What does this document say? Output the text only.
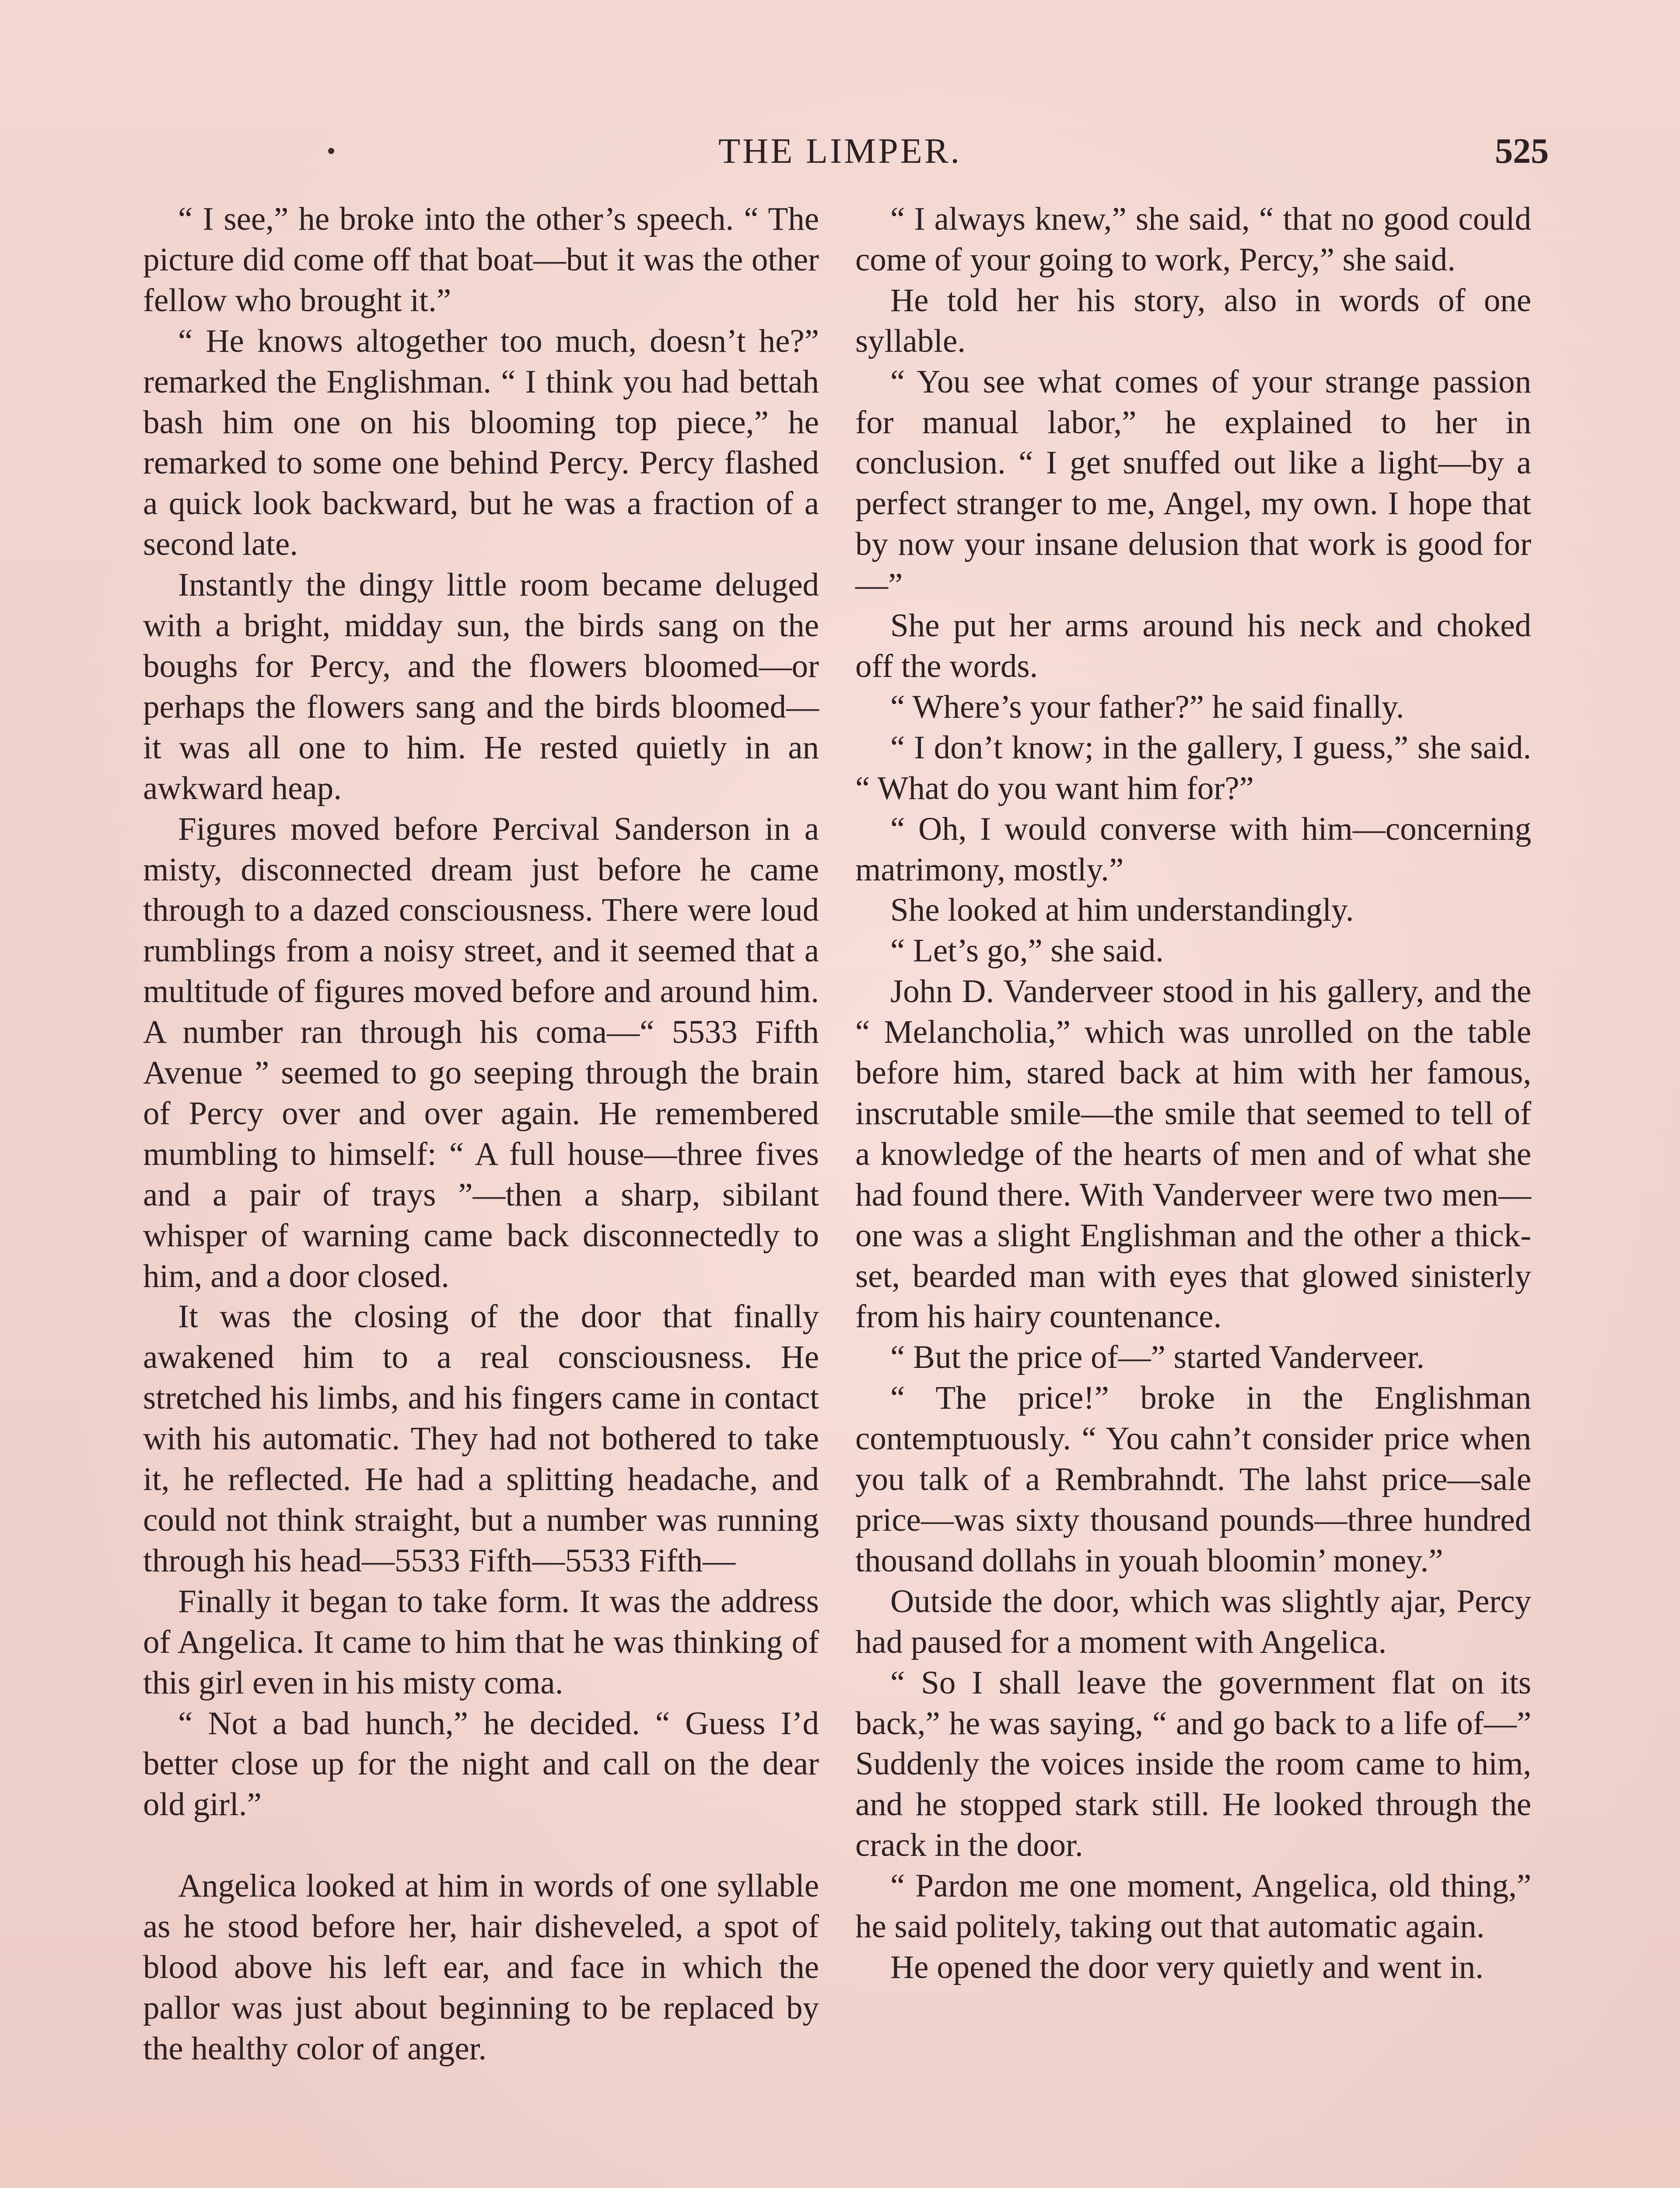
THE LIMPER.	525

“ I see,” he broke into the other’s speech. “ The picture did come off that boat—but it was the other fellow who brought it.”

“ He knows altogether too much, doesn’t he?” remarked the Englishman. “ I think you had bettah bash him one on his blooming top piece,” he remarked to some one behind Percy. Percy flashed a quick look backward, but he was a fraction of a second late.

Instantly the dingy little room became deluged with a bright, midday sun, the birds sang on the boughs for Percy, and the flowers bloomed—or perhaps the flowers sang and the birds bloomed—it was all one to him. He rested quietly in an awkward heap.

Figures moved before Percival Sanderson in a misty, disconnected dream just before he came through to a dazed consciousness. There were loud rumblings from a noisy street, and it seemed that a multitude of figures moved before and around him. A number ran through his coma—“ 5533 Fifth Avenue ” seemed to go seeping through the brain of Percy over and over again. He remembered mumbling to himself: “ A full house—three fives and a pair of trays ”—then a sharp, sibilant whisper of warning came back disconnectedly to him, and a door closed.

It was the closing of the door that finally awakened him to a real consciousness. He stretched his limbs, and his fingers came in contact with his automatic. They had not bothered to take it, he reflected. He had a splitting headache, and could not think straight, but a number was running through his head—5533 Fifth—5533 Fifth—

Finally it began to take form. It was the address of Angelica. It came to him that he was thinking of this girl even in his misty coma.

“ Not a bad hunch,” he decided. “ Guess I’d better close up for the night and call on the dear old girl.”

Angelica looked at him in words of one syllable as he stood before her, hair disheveled, a spot of blood above his left ear, and face in which the pallor was just about beginning to be replaced by the healthy color of anger.

“ I always knew,” she said, “ that no good could come of your going to work, Percy,” she said.

He told her his story, also in words of one syllable.

“ You see what comes of your strange passion for manual labor,” he explained to her in conclusion. “ I get snuffed out like a light—by a perfect stranger to me, Angel, my own. I hope that by now your insane delusion that work is good for—”

She put her arms around his neck and choked off the words.

“ Where’s your father?” he said finally.

“ I don’t know; in the gallery, I guess,” she said. “ What do you want him for?”

“ Oh, I would converse with him—concerning matrimony, mostly.”

She looked at him understandingly.

“ Let’s go,” she said.

John D. Vanderveer stood in his gallery, and the “ Melancholia,” which was unrolled on the table before him, stared back at him with her famous, inscrutable smile—the smile that seemed to tell of a knowledge of the hearts of men and of what she had found there. With Vanderveer were two men—one was a slight Englishman and the other a thick-set, bearded man with eyes that glowed sinisterly from his hairy countenance.

“ But the price of—” started Vanderveer.

“ The price!” broke in the Englishman contemptuously. “ You cahn’t consider price when you talk of a Rembrahndt. The lahst price—sale price—was sixty thousand pounds—three hundred thousand dollahs in youah bloomin’ money.”

Outside the door, which was slightly ajar, Percy had paused for a moment with Angelica.

“ So I shall leave the government flat on its back,” he was saying, “ and go back to a life of—” Suddenly the voices inside the room came to him, and he stopped stark still. He looked through the crack in the door.

“ Pardon me one moment, Angelica, old thing,” he said politely, taking out that automatic again.

He opened the door very quietly and went in.
